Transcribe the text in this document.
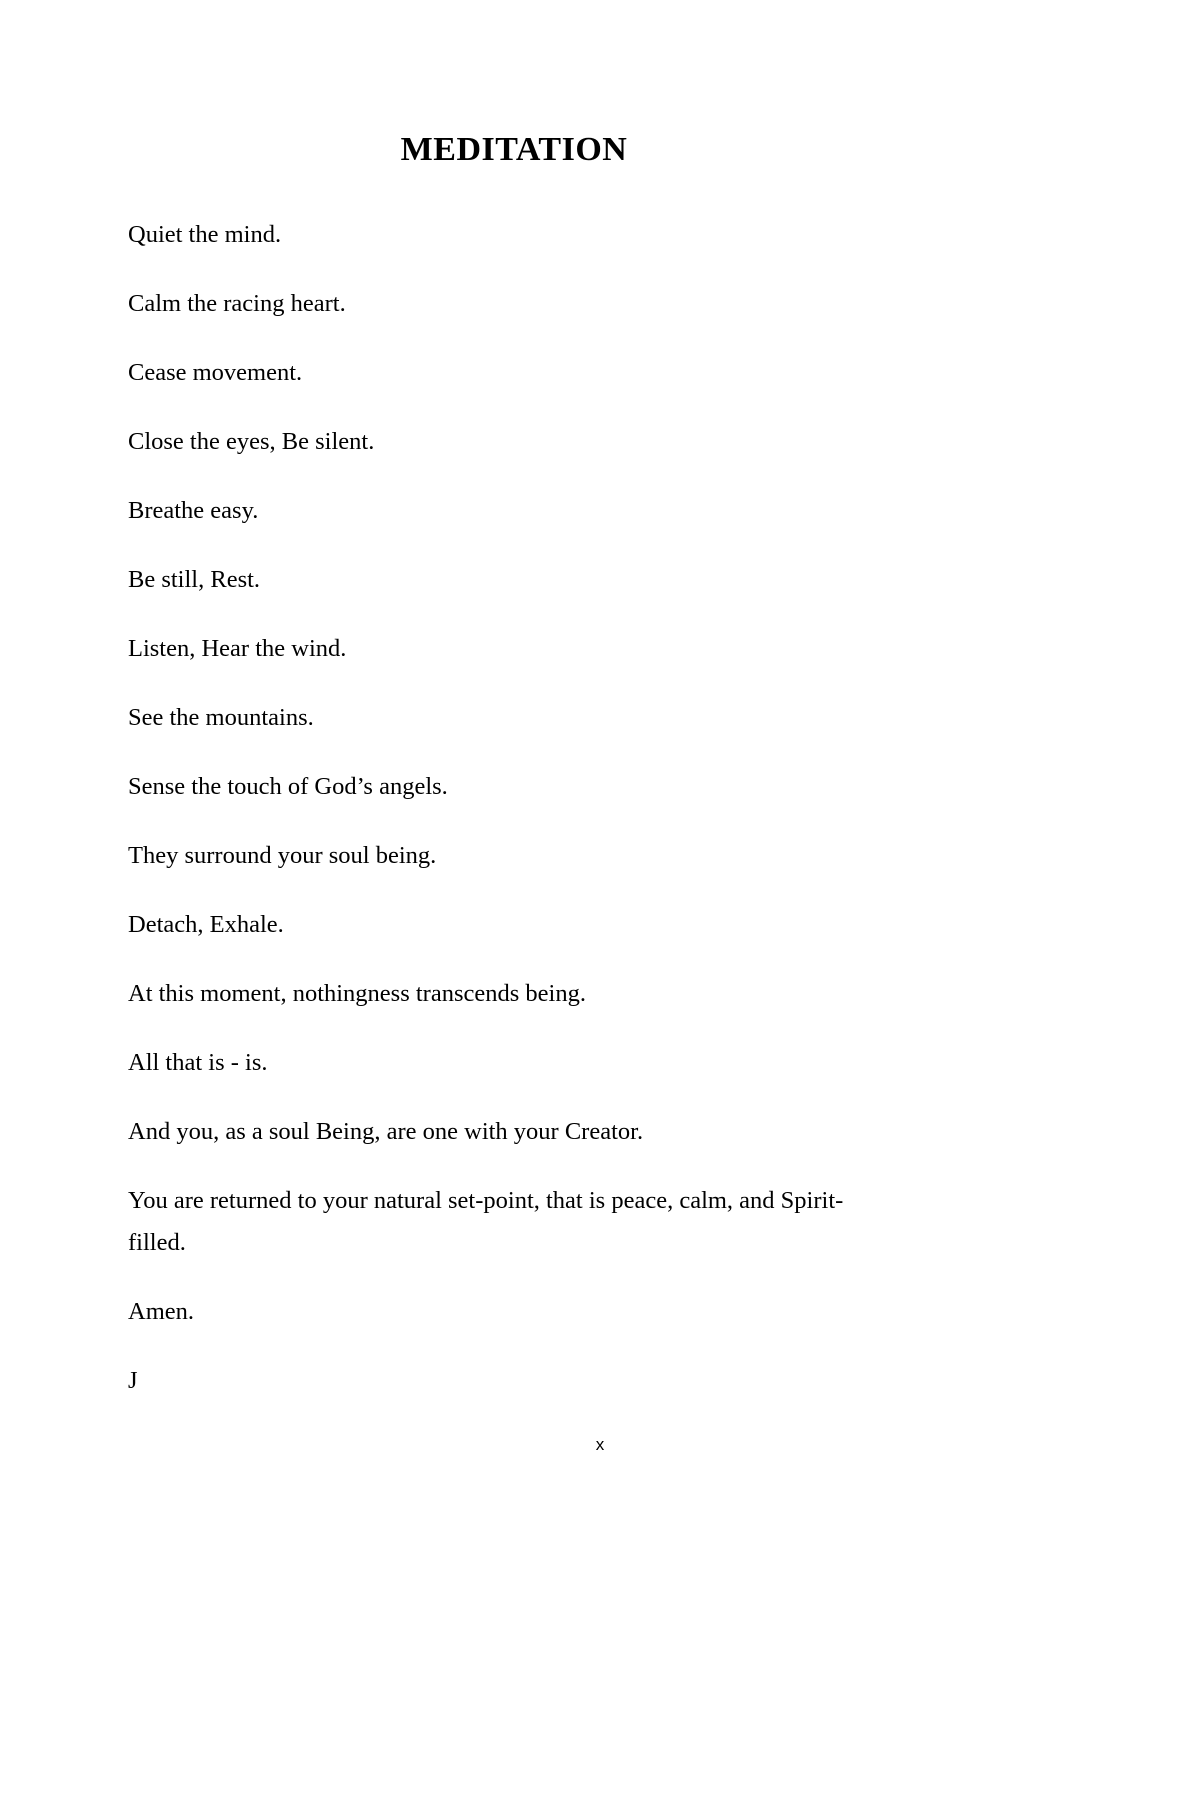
MEDITATION

Quiet the mind.

Calm the racing heart.

Cease movement.

Close the eyes, Be silent.

Breathe easy.

Be still, Rest.

Listen, Hear the wind.

See the mountains.

Sense the touch of God’s angels.

They surround your soul being.

Detach, Exhale.

At this moment, nothingness transcends being.

All that is - is.

And you, as a soul Being, are one with your Creator.

You are returned to your natural set-point, that is peace, calm, and Spirit-filled.

Amen.

J

x
